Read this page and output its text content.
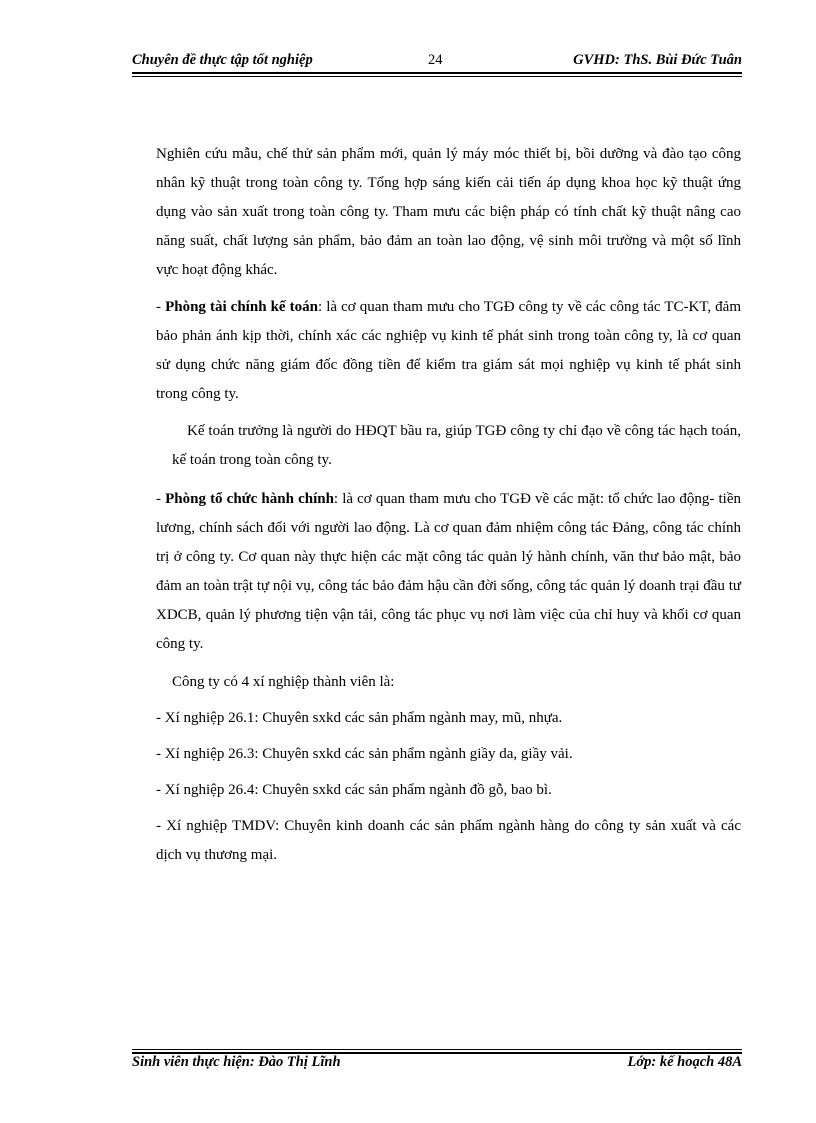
Chuyên đề thực tập tốt nghiệp	24	GVHD: ThS. Bùi Đức Tuân

Nghiên cứu mẫu, chế thử sản phẩm mới, quản lý máy móc thiết bị, bồi dưỡng và đào tạo công nhân kỹ thuật trong toàn công ty. Tổng hợp sáng kiến cải tiến áp dụng khoa học kỹ thuật ứng dụng vào sản xuất trong toàn công ty. Tham mưu các biện pháp có tính chất kỹ thuật nâng cao năng suất, chất lượng sản phẩm, bảo đảm an toàn lao động, vệ sinh môi trường và một số lĩnh vực hoạt động khác.

- Phòng tài chính kế toán: là cơ quan tham mưu cho TGĐ công ty về các công tác TC-KT, đảm bảo phản ánh kịp thời, chính xác các nghiệp vụ kinh tế phát sinh trong toàn công ty, là cơ quan sử dụng chức năng giám đốc đồng tiền để kiểm tra giám sát mọi nghiệp vụ kinh tế phát sinh trong công ty.

Kế toán trưởng là người do HĐQT bầu ra, giúp TGĐ công ty chỉ đạo về công tác hạch toán, kế toán trong toàn công ty.

- Phòng tổ chức hành chính: là cơ quan tham mưu cho TGĐ về các mặt: tổ chức lao động- tiền lương, chính sách đối với người lao động. Là cơ quan đảm nhiệm công tác Đảng, công tác chính trị ở công ty. Cơ quan này thực hiện các mặt công tác quản lý hành chính, văn thư bảo mật, bảo đảm an toàn trật tự nội vụ, công tác bảo đảm hậu cần đời sống, công tác quản lý doanh trại đầu tư XDCB, quản lý phương tiện vận tải, công tác phục vụ nơi làm việc của chỉ huy và khối cơ quan công ty.

Công ty có 4 xí nghiệp thành viên là:

- Xí nghiệp 26.1: Chuyên sxkd các sản phẩm ngành may, mũ, nhựa.

- Xí nghiệp 26.3: Chuyên sxkd các sản phẩm ngành giầy da, giầy vải.

- Xí nghiệp 26.4: Chuyên sxkd các sản phẩm ngành đồ gỗ, bao bì.

- Xí nghiệp TMDV: Chuyên kinh doanh các sản phẩm ngành hàng do công ty sản xuất và các dịch vụ thương mại.

Sinh viên thực hiện: Đào Thị Lĩnh	Lớp: kế hoạch 48A
